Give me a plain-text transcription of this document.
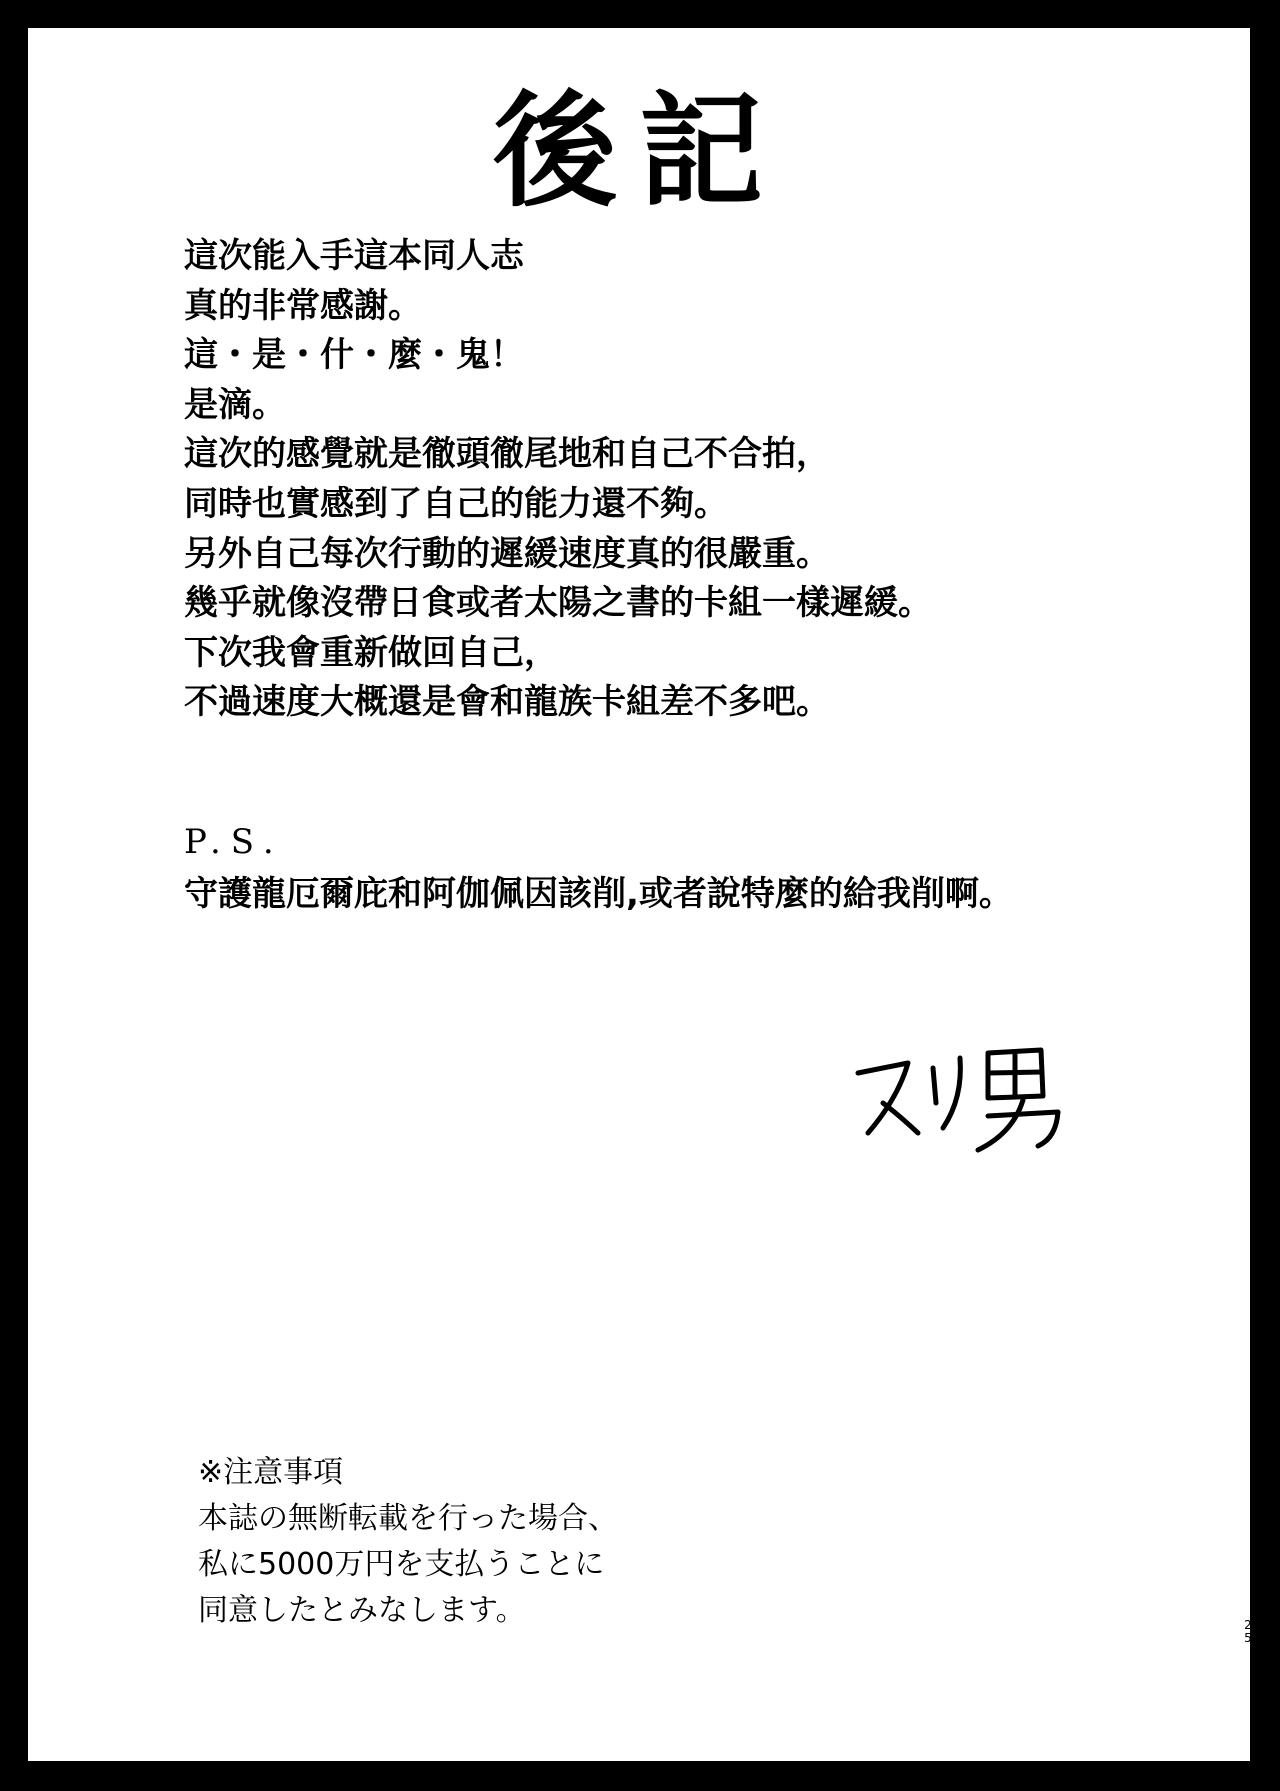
後記
這次能入手這本同人志
真的非常感謝。
這・是・什・麼・鬼！
是滴。
這次的感覺就是徹頭徹尾地和自己不合拍，
同時也實感到了自己的能力還不夠。
另外自己每次行動的遲緩速度真的很嚴重。
幾乎就像沒帶日食或者太陽之書的卡組一樣遲緩。
下次我會重新做回自己，
不過速度大概還是會和龍族卡組差不多吧。
P.S.
守護龍厄爾庇和阿伽佩因該削,或者說特麼的給我削啊。
※注意事項
本誌の無断転載を行った場合、
私に5000万円を支払うことに
同意したとみなします。	2
5
